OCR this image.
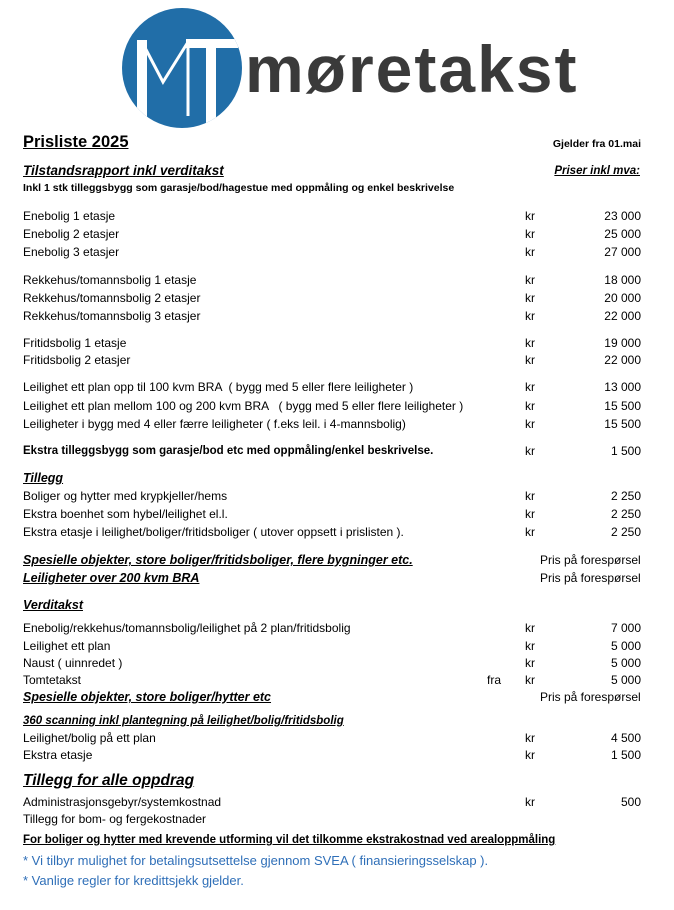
møretakst
Prisliste 2025	Gjelder fra 01.mai
Tilstandsrapport inkl verditakst	Priser inkl mva:
Inkl 1 stk tilleggsbygg som garasje/bod/hagestue med oppmåling og enkel beskrivelse
Enebolig 1 etasje	kr	23 000
Enebolig 2 etasjer	kr	25 000
Enebolig 3 etasjer	kr	27 000
Rekkehus/tomannsbolig 1 etasje	kr	18 000
Rekkehus/tomannsbolig 2 etasjer	kr	20 000
Rekkehus/tomannsbolig 3 etasjer	kr	22 000
Fritidsbolig 1 etasje	kr	19 000
Fritidsbolig 2 etasjer	kr	22 000
Leilighet ett plan opp til 100 kvm BRA  ( bygg med 5 eller flere leiligheter )	kr	13 000
Leilighet ett plan mellom 100 og 200 kvm BRA   ( bygg med 5 eller flere leiligheter )	kr	15 500
Leiligheter i bygg med 4 eller færre leiligheter ( f.eks leil. i 4-mannsbolig)	kr	15 500
Ekstra tilleggsbygg som garasje/bod etc med oppmåling/enkel beskrivelse.	kr	1 500
Tillegg
Boliger og hytter med krypkjeller/hems	kr	2 250
Ekstra boenhet som hybel/leilighet el.l.	kr	2 250
Ekstra etasje i leilighet/boliger/fritidsboliger ( utover oppsett i prislisten ).	kr	2 250
Spesielle objekter, store boliger/fritidsboliger, flere bygninger etc.	Pris på forespørsel
Leiligheter over 200 kvm BRA	Pris på forespørsel
Verditakst
Enebolig/rekkehus/tomannsbolig/leilighet på 2 plan/fritidsbolig	kr	7 000
Leilighet ett plan	kr	5 000
Naust ( uinnredet )	kr	5 000
Tomtetakst	fra kr	5 000
Spesielle objekter, store boliger/hytter etc	Pris på forespørsel
360 scanning inkl plantegning på leilighet/bolig/fritidsbolig
Leilighet/bolig på ett plan	kr	4 500
Ekstra etasje	kr	1 500
Tillegg for alle oppdrag
Administrasjonsgebyr/systemkostnad	kr	500
Tillegg for bom- og fergekostnader
For boliger og hytter med krevende utforming vil det tilkomme ekstrakostnad ved arealoppmåling
* Vi tilbyr mulighet for betalingsutsettelse gjennom SVEA ( finansieringsselskap ).
* Vanlige regler for kredittsjekk gjelder.
